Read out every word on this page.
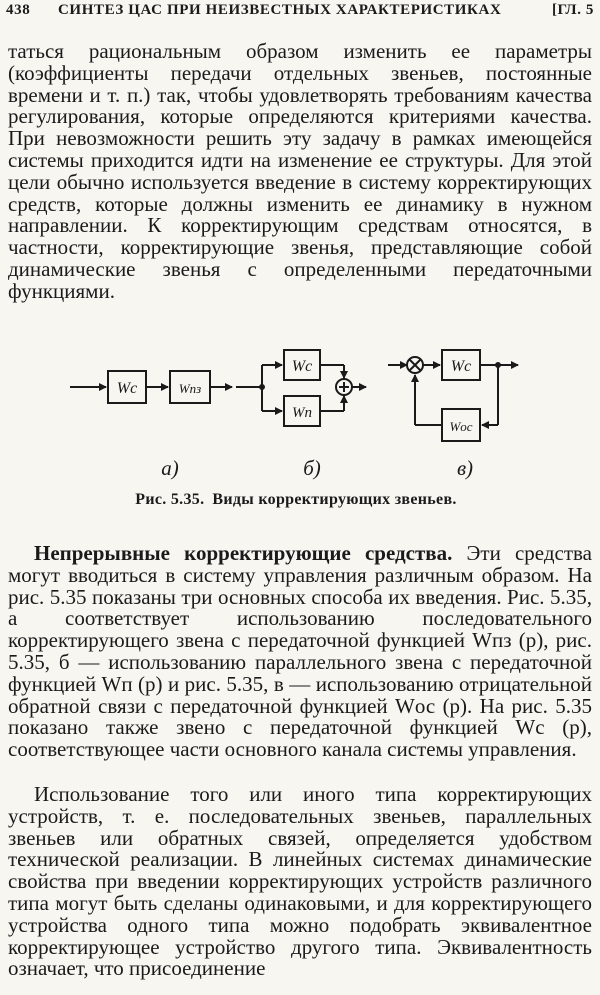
438 СИНТЕЗ ЦАС ПРИ НЕИЗВЕСТНЫХ ХАРАКТЕРИСТИКАХ	[ГЛ. 5

таться рациональным образом изменить ее параметры (коэффициенты передачи отдельных звеньев, постоянные времени и т. п.) так, чтобы удовлетворять требованиям качества регулирования, которые определяются критериями качества. При невозможности решить эту задачу в рамках имеющейся системы приходится идти на изменение ее структуры. Для этой цели обычно используется введение в систему корректирующих средств, которые должны изменить ее динамику в нужном направлении. К корректирующим средствам относятся, в частности, корректирующие звенья, представляющие собой динамические звенья с определенными передаточными функциями.

Wc	Wпз
Wc
Wп
Wc
Wос
а)	б)	в)
Рис. 5.35. Виды корректирующих звеньев.

Непрерывные корректирующие средства. Эти средства могут вводиться в систему управления различным образом. На рис. 5.35 показаны три основных способа их введения. Рис. 5.35, а соответствует использованию последовательного корректирующего звена с передаточной функцией Wпз (p), рис. 5.35, б — использованию параллельного звена с передаточной функцией Wп (p) и рис. 5.35, в — использованию отрицательной обратной связи с передаточной функцией Wос (p). На рис. 5.35 показано также звено с передаточной функцией Wс (p), соответствующее части основного канала системы управления.

Использование того или иного типа корректирующих устройств, т. е. последовательных звеньев, параллельных звеньев или обратных связей, определяется удобством технической реализации. В линейных системах динамические свойства при введении корректирующих устройств различного типа могут быть сделаны одинаковыми, и для корректирующего устройства одного типа можно подобрать эквивалентное корректирующее устройство другого типа. Эквивалентность означает, что присоединение
